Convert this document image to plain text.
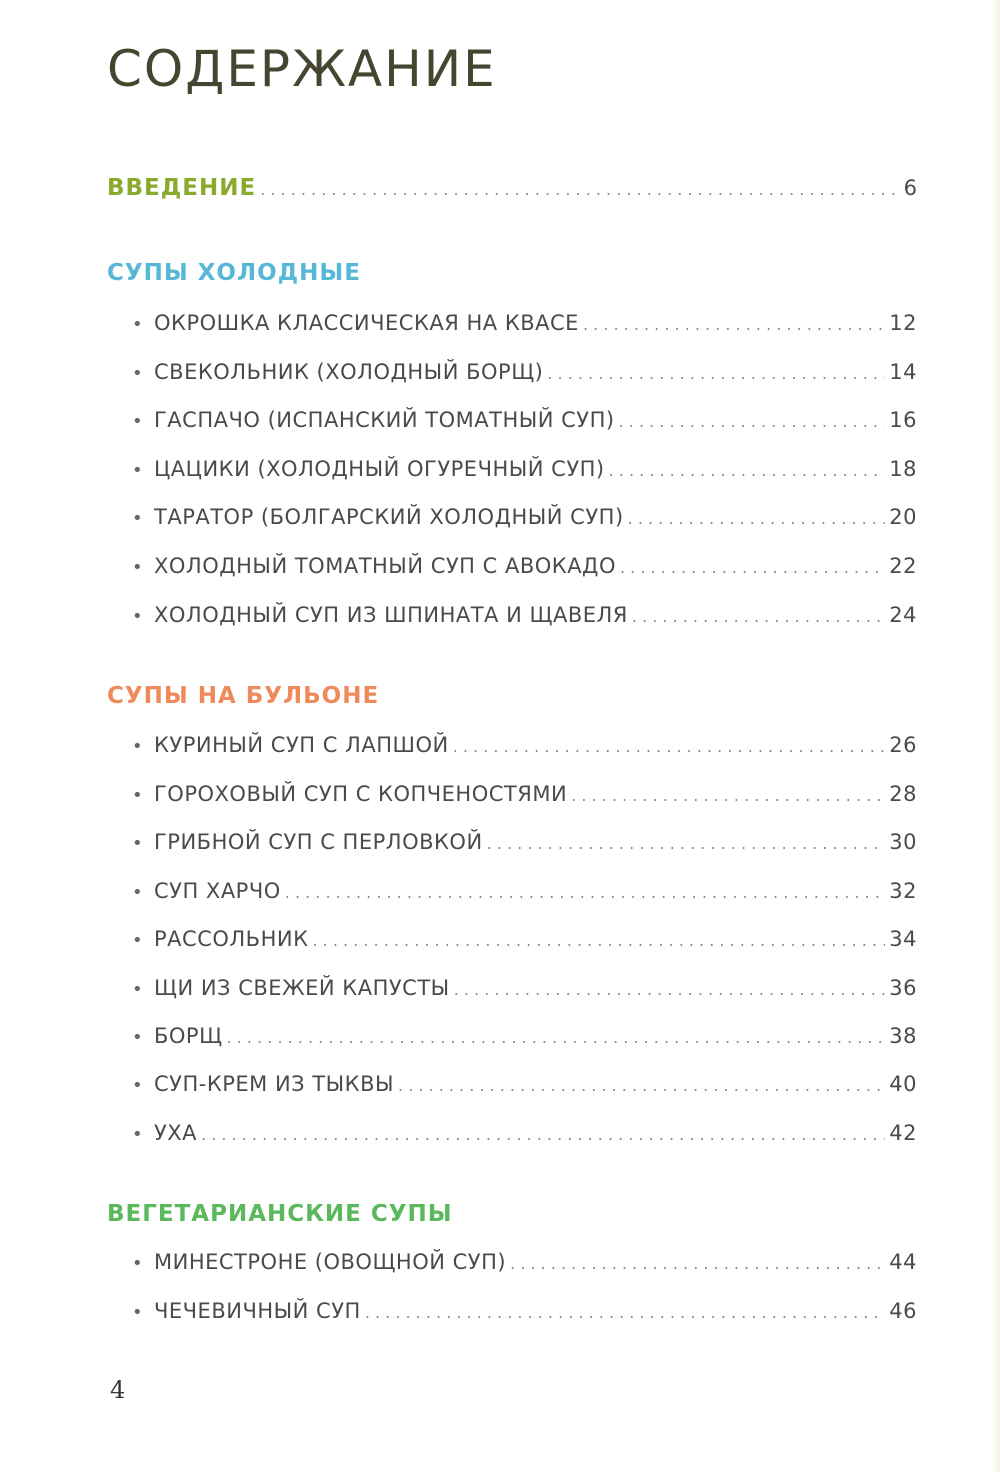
СОДЕРЖАНИЕ
ВВЕДЕНИЕ . . .	6
СУПЫ ХОЛОДНЫЕ
• ОКРОШКА КЛАССИЧЕСКАЯ НА КВАСЕ . . .	12
• СВЕКОЛЬНИК (ХОЛОДНЫЙ БОРЩ) . . .	14
• ГАСПАЧО (ИСПАНСКИЙ ТОМАТНЫЙ СУП) . . .	16
• ЦАЦИКИ (ХОЛОДНЫЙ ОГУРЕЧНЫЙ СУП) . . .	18
• ТАРАТОР (БОЛГАРСКИЙ ХОЛОДНЫЙ СУП) . . .	20
• ХОЛОДНЫЙ ТОМАТНЫЙ СУП С АВОКАДО . . .	22
• ХОЛОДНЫЙ СУП ИЗ ШПИНАТА И ЩАВЕЛЯ . . .	24
СУПЫ НА БУЛЬОНЕ
• КУРИНЫЙ СУП С ЛАПШОЙ . . .	26
• ГОРОХОВЫЙ СУП С КОПЧЕНОСТЯМИ . . .	28
• ГРИБНОЙ СУП С ПЕРЛОВКОЙ . . .	30
• СУП ХАРЧО . . .	32
• РАССОЛЬНИК . . .	34
• ЩИ ИЗ СВЕЖЕЙ КАПУСТЫ . . .	36
• БОРЩ . . .	38
• СУП-КРЕМ ИЗ ТЫКВЫ . . .	40
• УХА . . .	42
ВЕГЕТАРИАНСКИЕ СУПЫ
• МИНЕСТРОНЕ (ОВОЩНОЙ СУП) . . .	44
• ЧЕЧЕВИЧНЫЙ СУП . . .	46
4
